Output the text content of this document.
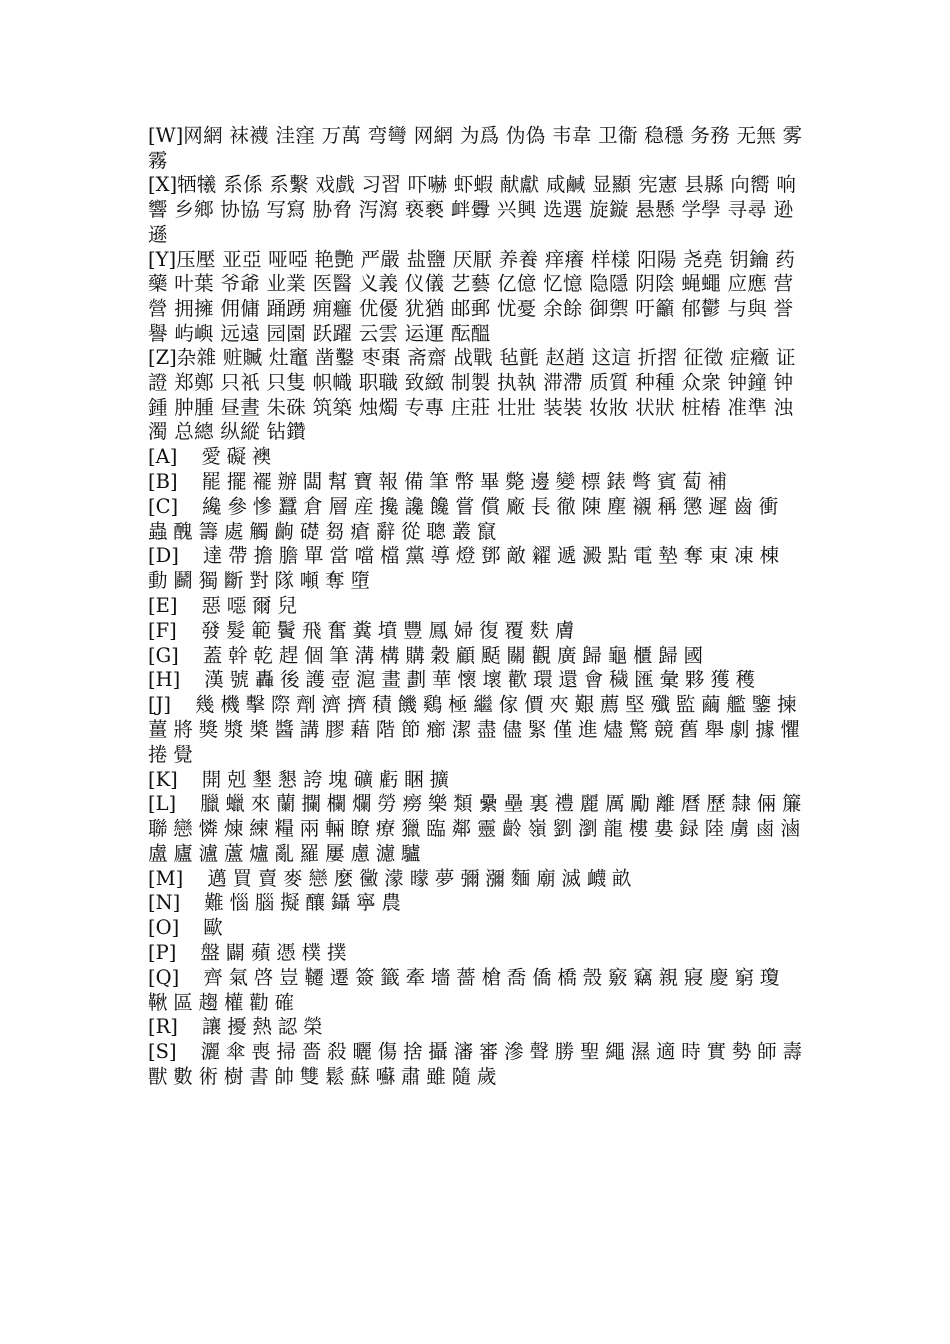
[W]网網 袜襪 洼窪 万萬 弯彎 网網 为爲 伪偽 韦韋 卫衞 稳穩 务務 无無 雾霧

[X]牺犧 系係 系繫 戏戲 习習 吓嚇 虾蝦 献獻 咸鹹 显顯 宪憲 县縣 向嚮 响響 乡鄉 协協 写寫 胁脅 泻瀉 亵褻 衅釁 兴興 选選 旋鏇 悬懸 学學 寻尋 逊遜

[Y]压壓 亚亞 哑啞 艳艷 严嚴 盐鹽 厌厭 养養 痒癢 样樣 阳陽 尧堯 钥鑰 药藥 叶葉 爷爺 业業 医醫 义義 仪儀 艺藝 亿億 忆憶 隐隱 阴陰 蝇蠅 应應 营營 拥擁 佣傭 踊踴 痈癰 优優 犹猶 邮郵 忧憂 余餘 御禦 吁籲 郁鬱 与與 誉譽 屿嶼 远遠 园園 跃躍 云雲 运運 酝醞

[Z]杂雜 赃贓 灶竈 凿鑿 枣棗 斋齋 战戰 毡氈 赵趙 这這 折摺 征徵 症癥 证證 郑鄭 只衹 只隻 帜幟 职職 致緻 制製 执執 滞滯 质質 种種 众衆 钟鐘 钟鍾 肿腫 昼晝 朱硃 筑築 烛燭 专專 庄莊 壮壯 装裝 妆妝 状狀 桩樁 准準 浊濁 总總 纵縱 钻鑽

[A] 愛礙襖

[B] 罷擺襬辦闆幫寶報備筆幣畢斃邊變標錶彆賓蔔補

[C] 纔參慘蠶倉層産攙讒饞嘗償廠長徹陳塵襯稱懲遲齒衝蟲醜籌處觸齣礎芻瘡辭從聰叢竄

[D] 達帶擔膽單當噹檔黨導燈鄧敵糴遞澱點電墊奪東凍棟動鬬獨斷對隊噸奪墮

[E] 惡噁爾兒

[F] 發髮範鬢飛奮糞墳豐鳳婦復覆麩膚

[G] 蓋幹乾趕個筆溝構購穀顧颳關觀廣歸龜櫃歸國

[H] 漢號轟後護壺滬畫劃華懷壞歡環還會穢匯彙夥獲穫

[J] 幾機擊際劑濟擠積饑鷄極繼傢價夾艱薦堅殲監繭艦鑒揀薑將獎漿槳醬講膠藉階節癤潔盡儘緊僅進燼驚競舊舉劇據懼捲覺

[K] 開剋墾懇誇塊礦虧睏擴

[L] 臘蠟來蘭攔欄爛勞癆樂類纍壘裏禮麗厲勵離曆歷隸倆簾聯戀憐煉練糧兩輛瞭療獵臨鄰靈齡嶺劉瀏龍樓婁録陸虜鹵滷盧廬瀘蘆爐亂羅屢慮濾驢

[M] 邁買賣麥戀麼黴濛曚夢彌瀰麵廟滅衊畝

[N] 難惱腦擬釀鑷寧農

[O] 歐

[P] 盤闢蘋憑樸撲

[Q] 齊氣啓豈韆遷簽籤牽墻薔槍喬僑橋殼竅竊親寢慶窮瓊鞦區趨權勸確

[R] 讓擾熱認榮

[S] 灑傘喪掃嗇殺曬傷捨攝瀋審滲聲勝聖繩濕適時實勢師壽獸數術樹書帥雙鬆蘇囌肅雖隨歲
